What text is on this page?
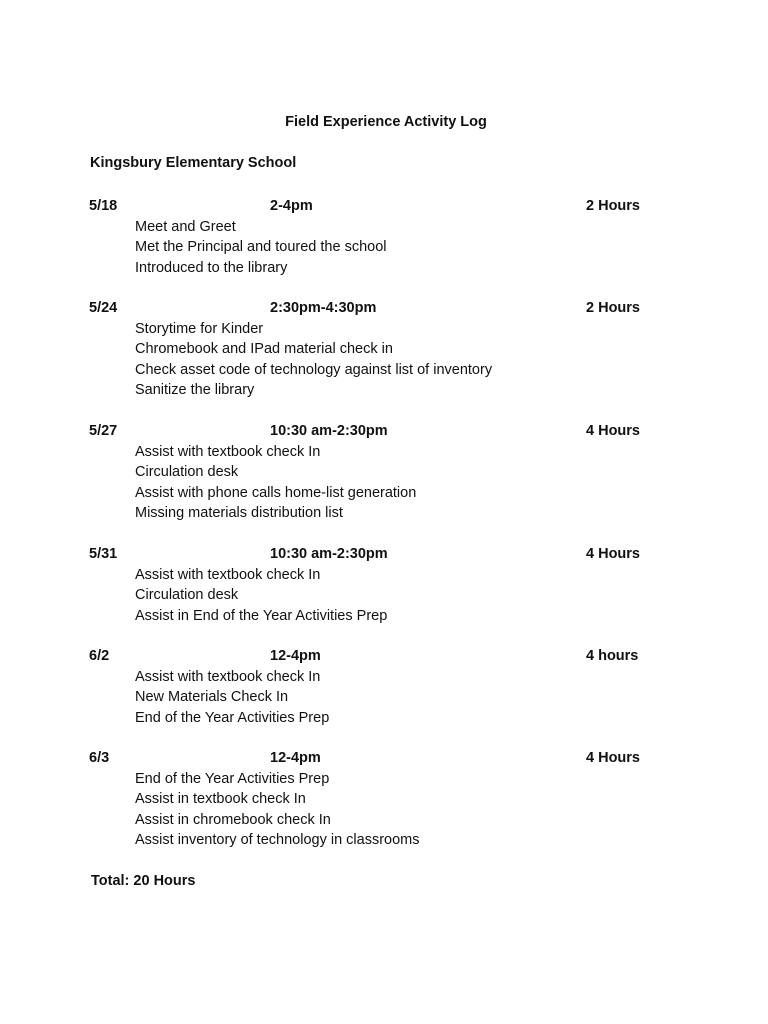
Field Experience Activity Log
Kingsbury Elementary School
5/18	2-4pm	2 Hours
Meet and Greet
Met the Principal and toured the school
Introduced to the library
5/24	2:30pm-4:30pm	2 Hours
Storytime for Kinder
Chromebook and IPad material check in
Check asset code of technology against list of inventory
Sanitize the library
5/27	10:30 am-2:30pm	4 Hours
Assist with textbook check In
Circulation desk
Assist with phone calls home-list generation
Missing materials distribution list
5/31	10:30 am-2:30pm	4 Hours
Assist with textbook check In
Circulation desk
Assist in End of the Year Activities Prep
6/2	12-4pm	4 hours
Assist with textbook check In
New Materials Check In
End of the Year Activities Prep
6/3	12-4pm	4 Hours
End of the Year Activities Prep
Assist in textbook check In
Assist in chromebook check In
Assist inventory of technology in classrooms
Total: 20 Hours
